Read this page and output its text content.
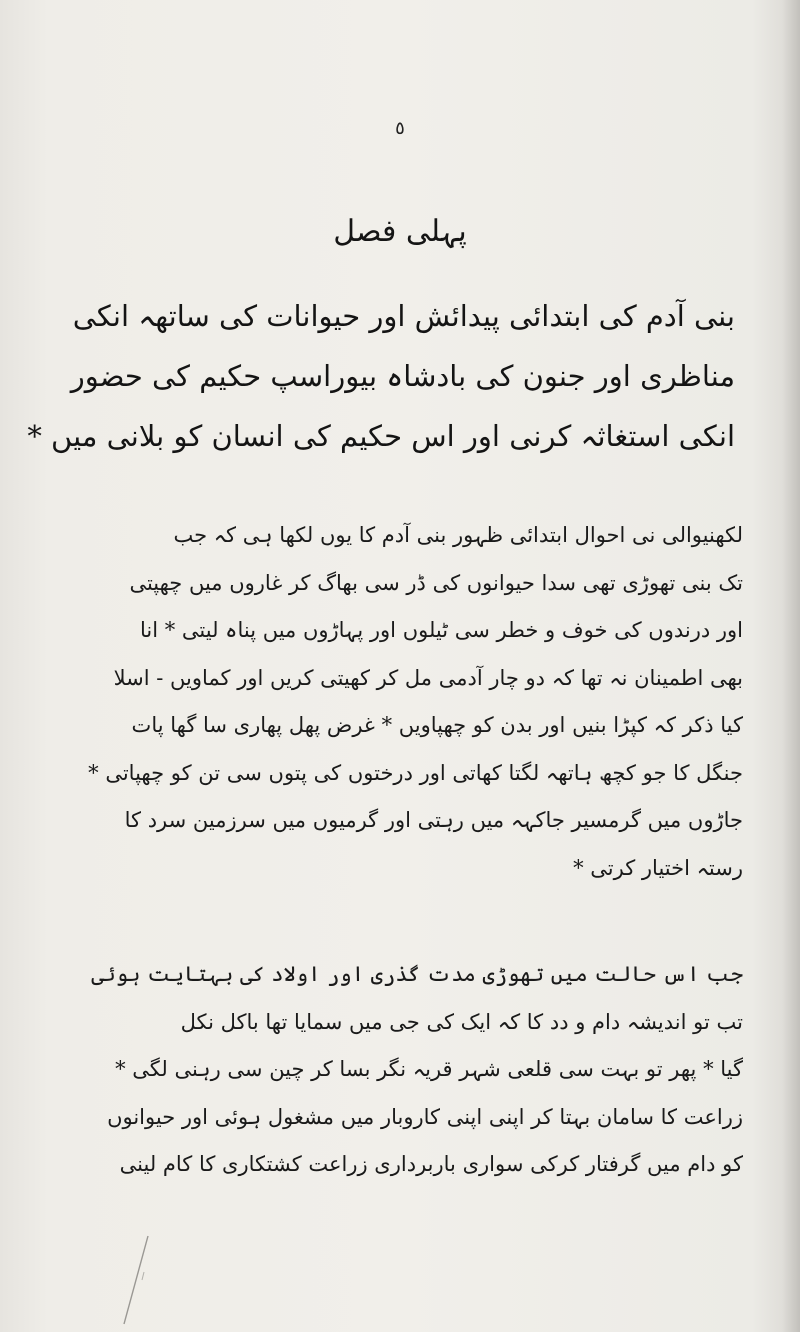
٥
پہلی فصل
بنی آدم کی ابتدائی پیدائش اور حیوانات کی ساتھہ انکی
مناظری اور جنون کی بادشاہ بیوراسپ حکیم کی حضور
انکی استغاثہ کرنی اور اس حکیم کی انسان کو بلانی میں *
لکھنیوالی نی احوال ابتدائی ظہور بنی آدم کا یوں لکھا ہی کہ جب
تک بنی تھوڑی تھی سدا حیوانوں کی ڈر سی بھاگ کر غاروں میں چھپتی
اور درندوں کی خوف و خطر سی ٹیلوں اور پہاڑوں میں پناہ لیتی * انا
بھی اطمینان نہ تھا کہ دو چار آدمی مل کر کھیتی کریں اور کماویں - اسلا
کیا ذکر کہ کپڑا بنیں اور بدن کو چھپاویں * غرض پھل پھاری سا گھا پات
جنگل کا جو کچھ ہاتھہ لگتا کھاتی اور درختوں کی پتوں سی تن کو چھپاتی *
جاڑوں میں گرمسیر جاکہہ میں رہتی اور گرمیوں میں سرزمین سرد کا
رستہ اختیار کرتی *
جب اس حالت میں تھوڑی مدت گذری اور اولاد کی بہتایت ہوئی
تب تو اندیشہ دام و دد کا کہ ایک کی جی میں سمایا تھا باکل نکل
گیا * پھر تو بہت سی قلعی شہر قریہ نگر بسا کر چین سی رہنی لگی *
زراعت کا سامان بہتا کر اپنی اپنی کاروبار میں مشغول ہوئی اور حیوانوں
کو دام میں گرفتار کرکی سواری باربرداری زراعت کشتکاری کا کام لینی
